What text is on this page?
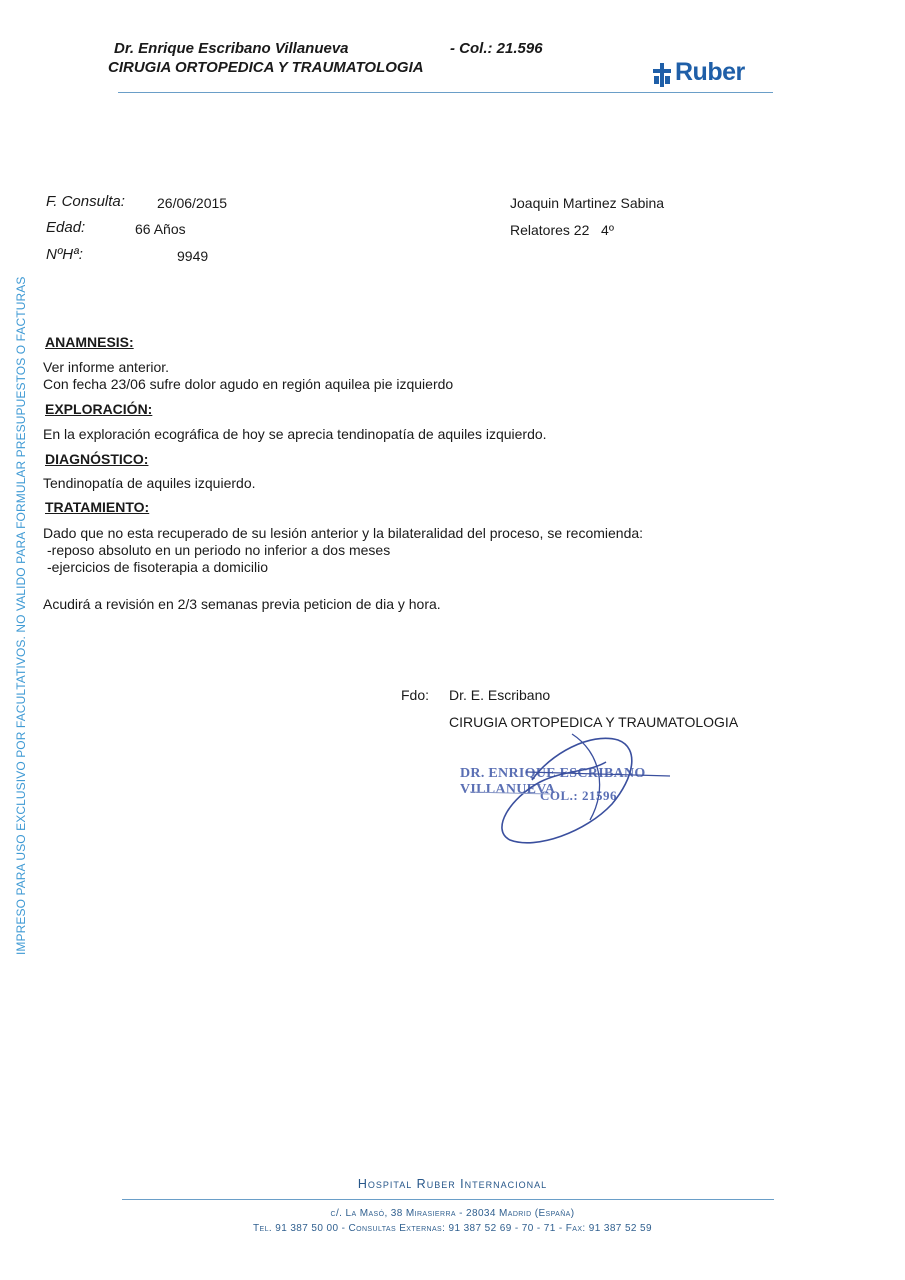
Dr. Enrique Escribano Villanueva	- Col.: 21.596
CIRUGIA ORTOPEDICA Y TRAUMATOLOGIA	Ruber
F. Consulta: 26/06/2015
Edad:	66 Años
NºHª:	9949
Joaquin Martinez Sabina
Relatores 22   4º
IMPRESO PARA USO EXCLUSIVO POR FACULTATIVOS. NO VALIDO PARA FORMULAR PRESUPUESTOS O FACTURAS ANAMNESIS:
Ver informe anterior.
Con fecha 23/06 sufre dolor agudo en región aquilea pie izquierdo
EXPLORACIÓN:
En la exploración ecográfica de hoy se aprecia tendinopatía de aquiles izquierdo.
DIAGNÓSTICO:
Tendinopatía de aquiles izquierdo.
TRATAMIENTO:
Dado que no esta recuperado de su lesión anterior y la bilateralidad del proceso, se recomienda:
-reposo absoluto en un periodo no inferior a dos meses
-ejercicios de fisoterapia a domicilio
Acudirá a revisión en 2/3 semanas previa peticion de dia y hora.
Fdo: Dr. E. Escribano
CIRUGIA ORTOPEDICA Y TRAUMATOLOGIA
DR. ENRIQUE ESCRIBANO VILLANUEVA
COL.: 21596
Hospital Ruber Internacional
c/. La Masó, 38 Mirasierra - 28034 Madrid (España)
Tel. 91 387 50 00 - Consultas Externas: 91 387 52 69 - 70 - 71 - Fax: 91 387 52 59
